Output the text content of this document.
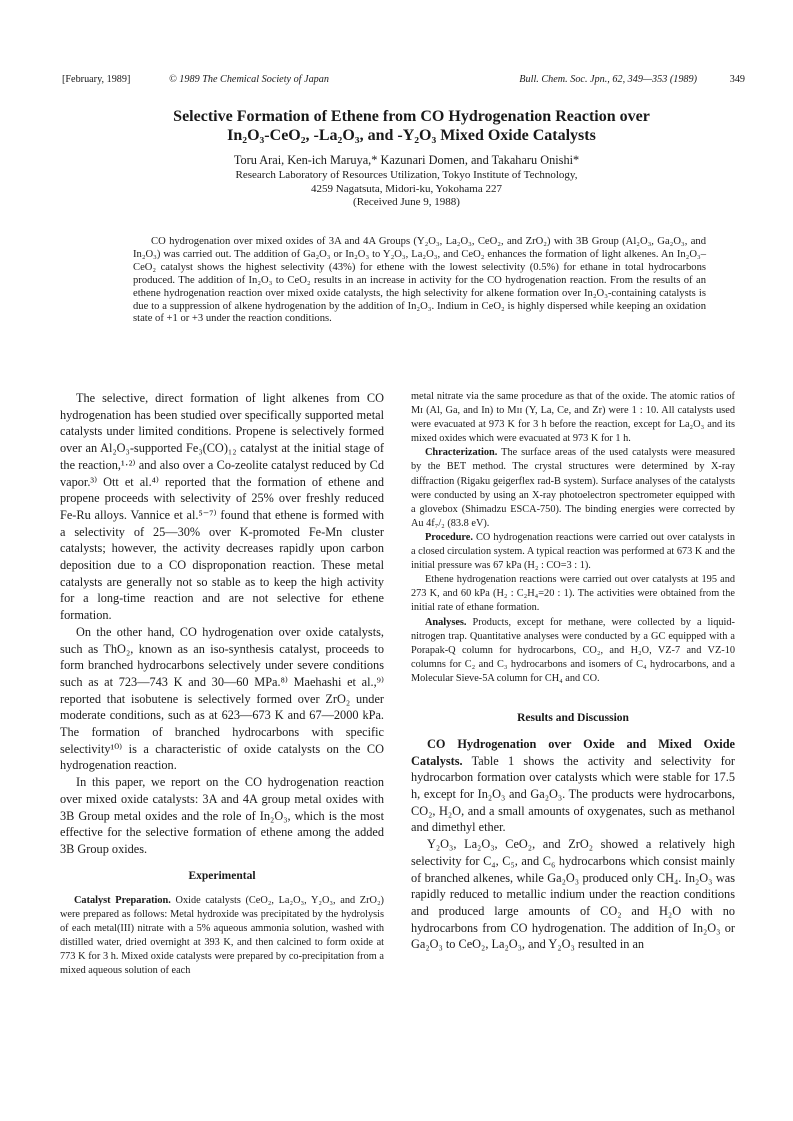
[February, 1989]	© 1989 The Chemical Society of Japan	Bull. Chem. Soc. Jpn., 62, 349—353 (1989)	349
Selective Formation of Ethene from CO Hydrogenation Reaction over
In₂O₃-CeO₂, -La₂O₃, and -Y₂O₃ Mixed Oxide Catalysts
Toru Arai, Ken-ich Maruya,* Kazunari Domen, and Takaharu Onishi*
Research Laboratory of Resources Utilization, Tokyo Institute of Technology,
4259 Nagatsuta, Midori-ku, Yokohama 227
(Received June 9, 1988)

CO hydrogenation over mixed oxides of 3A and 4A Groups (Y₂O₃, La₂O₃, CeO₂, and ZrO₂) with 3B Group (Al₂O₃, Ga₂O₃, and In₂O₃) was carried out. The addition of Ga₂O₃ or In₂O₃ to Y₂O₃, La₂O₃, and CeO₂ enhances the formation of light alkenes. An In₂O₃–CeO₂ catalyst shows the highest selectivity (43%) for ethene with the lowest selectivity (0.5%) for ethane in total hydrocarbons produced. The addition of In₂O₃ to CeO₂ results in an increase in activity for the CO hydrogenation reaction. From the results of an ethene hydrogenation reaction over mixed oxide catalysts, the high selectivity for alkene formation over In₂O₃-containing catalysts is due to a suppression of alkene hydrogenation by the addition of In₂O₃. Indium in CeO₂ is highly dispersed while keeping an oxidation state of +1 or +3 under the reaction conditions.

The selective, direct formation of light alkenes from CO hydrogenation has been studied over specifically supported metal catalysts under limited conditions. Propene is selectively formed over an Al₂O₃-supported Fe₃(CO)₁₂ catalyst at the initial stage of the reaction,¹·²⁾ and also over a Co-zeolite catalyst reduced by Cd vapor.³⁾ Ott et al.⁴⁾ reported that the formation of ethene and propene proceeds with selectivity of 25% over freshly reduced Fe-Ru alloys. Vannice et al.⁵⁻⁷⁾ found that ethene is formed with a selectivity of 25—30% over K-promoted Fe-Mn cluster catalysts; however, the activity decreases rapidly upon carbon deposition due to a CO disproponation reaction. These metal catalysts are generally not so stable as to keep the high activity for a long-time reaction and are not selective for ethene formation.

On the other hand, CO hydrogenation over oxide catalysts, such as ThO₂, known as an iso-synthesis catalyst, proceeds to form branched hydrocarbons selectively under severe conditions such as at 723—743 K and 30—60 MPa.⁸⁾ Maehashi et al.,⁹⁾ reported that isobutene is selectively formed over ZrO₂ under moderate conditions, such as at 623—673 K and 67—2000 kPa. The formation of branched hydrocarbons with specific selectivity¹⁰⁾ is a characteristic of oxide catalysts on the CO hydrogenation reaction.

In this paper, we report on the CO hydrogenation reaction over mixed oxide catalysts: 3A and 4A group metal oxides with 3B Group metal oxides and the role of In₂O₃, which is the most effective for the selective formation of ethene among the added 3B Group oxides.

Experimental

Catalyst Preparation. Oxide catalysts (CeO₂, La₂O₃, Y₂O₃, and ZrO₂) were prepared as follows: Metal hydroxide was precipitated by the hydrolysis of each metal(III) nitrate with a 5% aqueous ammonia solution, washed with distilled water, dried overnight at 393 K, and then calcined to form oxide at 773 K for 3 h. Mixed oxide catalysts were prepared by co-precipitation from a mixed aqueous solution of each

metal nitrate via the same procedure as that of the oxide. The atomic ratios of Mɪ (Al, Ga, and In) to Mɪɪ (Y, La, Ce, and Zr) were 1 : 10. All catalysts used were evacuated at 973 K for 3 h before the reaction, except for La₂O₃ and its mixed oxides which were evacuated at 973 K for 1 h.

Chracterization. The surface areas of the used catalysts were measured by the BET method. The crystal structures were determined by X-ray diffraction (Rigaku geigerflex rad-B system). Surface analyses of the catalysts were conducted by using an X-ray photoelectron spectrometer equipped with a glovebox (Shimadzu ESCA-750). The binding energies were corrected by Au 4f₇/₂ (83.8 eV).

Procedure. CO hydrogenation reactions were carried out over catalysts in a closed circulation system. A typical reaction was performed at 673 K and the initial pressure was 67 kPa (H₂ : CO=3 : 1).

Ethene hydrogenation reactions were carried out over catalysts at 195 and 273 K, and 60 kPa (H₂ : C₂H₄=20 : 1). The activities were obtained from the initial rate of ethane formation.

Analyses. Products, except for methane, were collected by a liquid-nitrogen trap. Quantitative analyses were conducted by a GC equipped with a Porapak-Q column for hydrocarbons, CO₂, and H₂O, VZ-7 and VZ-10 columns for C₂ and C₃ hydrocarbons and isomers of C₄ hydrocarbons, and a Molecular Sieve-5A column for CH₄ and CO.

Results and Discussion

CO Hydrogenation over Oxide and Mixed Oxide Catalysts. Table 1 shows the activity and selectivity for hydrocarbon formation over catalysts which were stable for 17.5 h, except for In₂O₃ and Ga₂O₃. The products were hydrocarbons, CO₂, H₂O, and a small amounts of oxygenates, such as methanol and dimethyl ether.

Y₂O₃, La₂O₃, CeO₂, and ZrO₂ showed a relatively high selectivity for C₄, C₅, and C₆ hydrocarbons which consist mainly of branched alkenes, while Ga₂O₃ produced only CH₄. In₂O₃ was rapidly reduced to metallic indium under the reaction conditions and produced large amounts of CO₂ and H₂O with no hydrocarbons from CO hydrogenation. The addition of In₂O₃ or Ga₂O₃ to CeO₂, La₂O₃, and Y₂O₃ resulted in an
